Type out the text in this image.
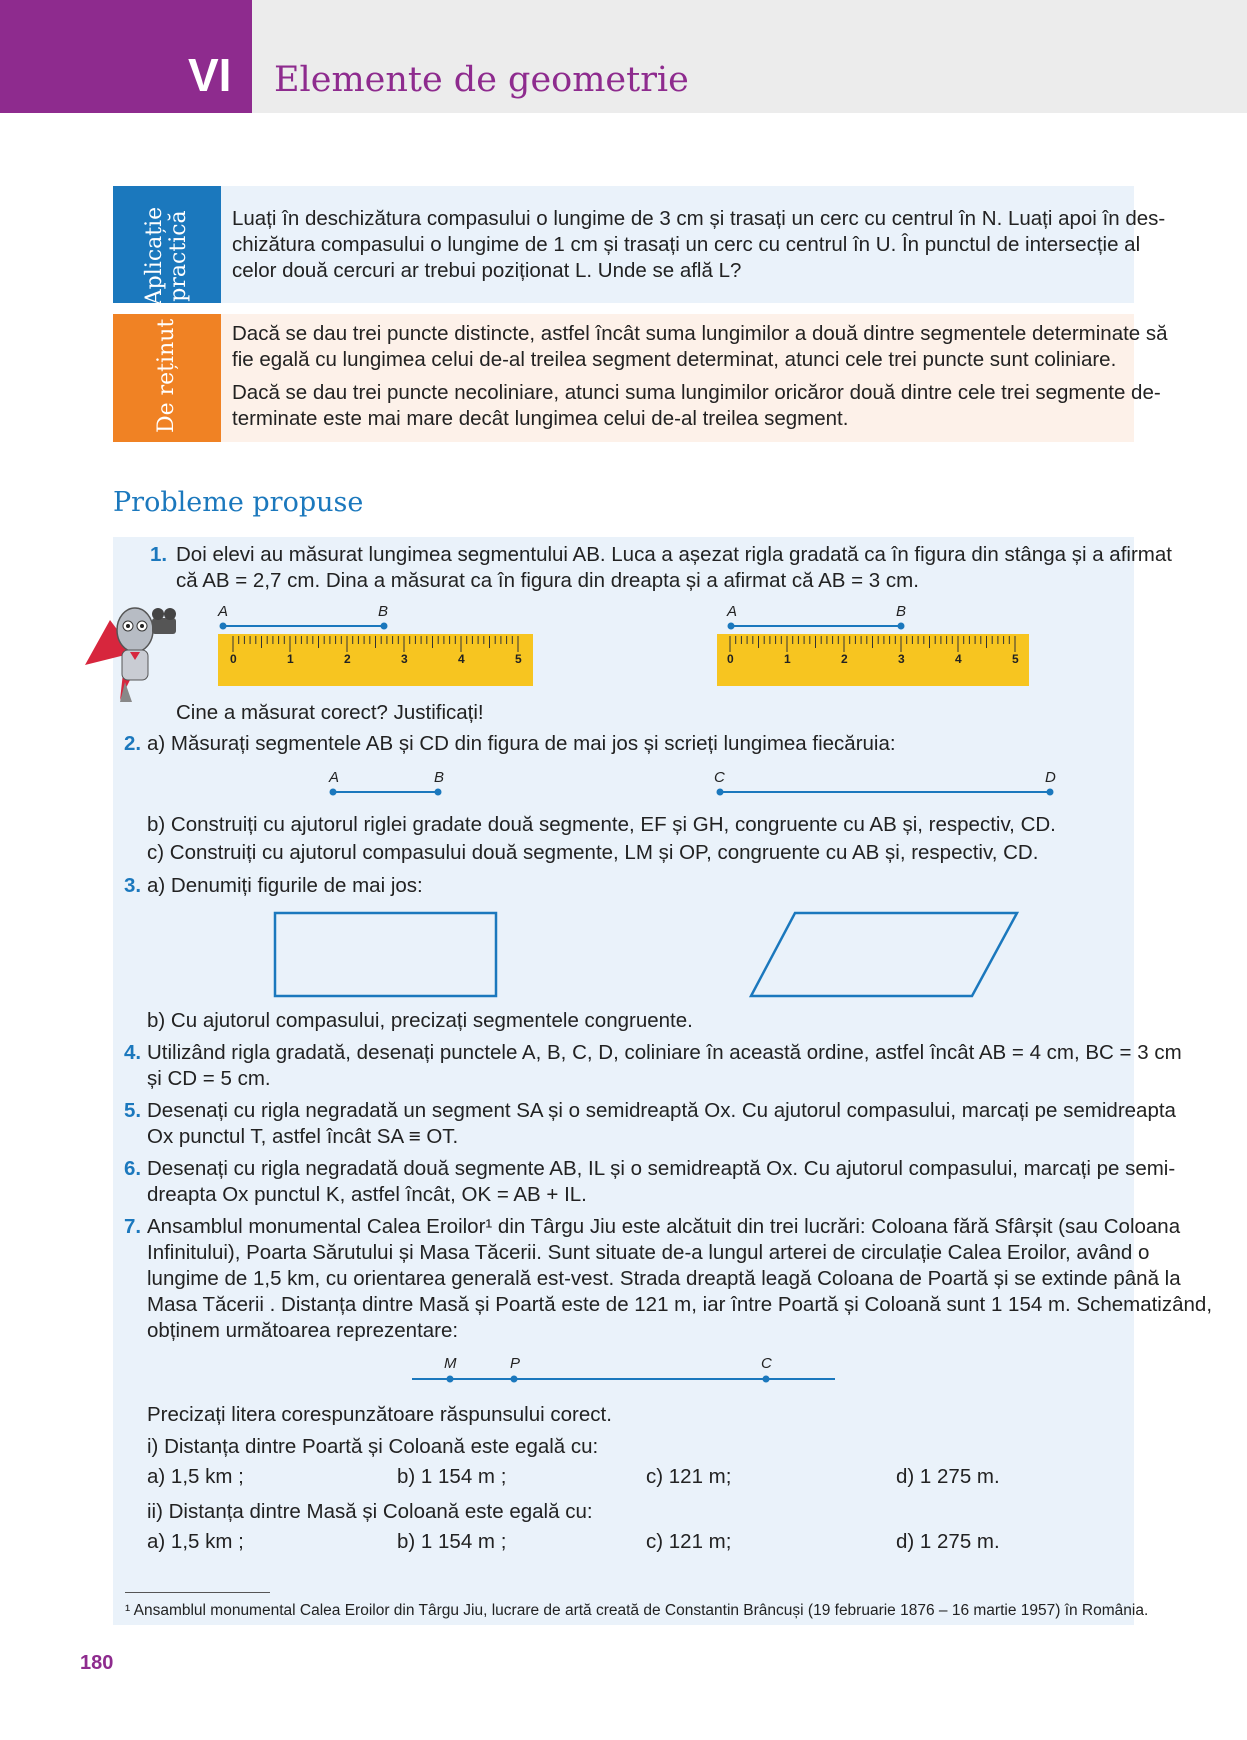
VI Elemente de geometrie
Aplicație practică Luați în deschizătura compasului o lungime de 3 cm și trasați un cerc cu centrul în N. Luați apoi în des-
chizătura compasului o lungime de 1 cm și trasați un cerc cu centrul în U. În punctul de intersecție al
celor două cercuri ar trebui poziționat L. Unde se află L?
De reținut	Dacă se dau trei puncte distincte, astfel încât suma lungimilor a două dintre segmentele determinate să
fie egală cu lungimea celui de-al treilea segment determinat, atunci cele trei puncte sunt coliniare.
Dacă se dau trei puncte necoliniare, atunci suma lungimilor oricăror două dintre cele trei segmente de-
terminate este mai mare decât lungimea celui de-al treilea segment.
Probleme propuse
1. Doi elevi au măsurat lungimea segmentului AB. Luca a așezat rigla gradată ca în figura din stânga și a afirmat
că AB = 2,7 cm. Dina a măsurat ca în figura din dreapta și a afirmat că AB = 3 cm.
0	1	2	3	4	5
A	B
0	1	2	3	4	5
A	B
Cine a măsurat corect? Justificați!
2. a) Măsurați segmentele AB și CD din figura de mai jos și scrieți lungimea fiecăruia:
A	B	C	D
b) Construiți cu ajutorul riglei gradate două segmente, EF și GH, congruente cu AB și, respectiv, CD.
c) Construiți cu ajutorul compasului două segmente, LM și OP, congruente cu AB și, respectiv, CD.
3. a) Denumiți figurile de mai jos:
b) Cu ajutorul compasului, precizați segmentele congruente.
4. Utilizând rigla gradată, desenați punctele A, B, C, D, coliniare în această ordine, astfel încât AB = 4 cm, BC = 3 cm
și CD = 5 cm.
5. Desenați cu rigla negradată un segment SA și o semidreaptă Ox. Cu ajutorul compasului, marcați pe semidreapta
Ox punctul T, astfel încât SA ≡ OT.
6. Desenați cu rigla negradată două segmente AB, IL și o semidreaptă Ox. Cu ajutorul compasului, marcați pe semi-
dreapta Ox punctul K, astfel încât, OK = AB + IL.
7. Ansamblul monumental Calea Eroilor¹ din Târgu Jiu este alcătuit din trei lucrări: Coloana fără Sfârșit (sau Coloana
Infinitului), Poarta Sărutului și Masa Tăcerii. Sunt situate de-a lungul arterei de circulație Calea Eroilor, având o
lungime de 1,5 km, cu orientarea generală est-vest. Strada dreaptă leagă Coloana de Poartă și se extinde până la
Masa Tăcerii . Distanța dintre Masă și Poartă este de 121 m, iar între Poartă și Coloană sunt 1 154 m. Schematizând,
obținem următoarea reprezentare:
M	P	C
Precizați litera corespunzătoare răspunsului corect.
i) Distanța dintre Poartă și Coloană este egală cu:
a) 1,5 km ;	b) 1 154 m ;	c) 121 m;	d) 1 275 m.
ii) Distanța dintre Masă și Coloană este egală cu:
a) 1,5 km ;	b) 1 154 m ;	c) 121 m;	d) 1 275 m.
¹ Ansamblul monumental Calea Eroilor din Târgu Jiu, lucrare de artă creată de Constantin Brâncuși (19 februarie 1876 – 16 martie 1957) în România.
180
